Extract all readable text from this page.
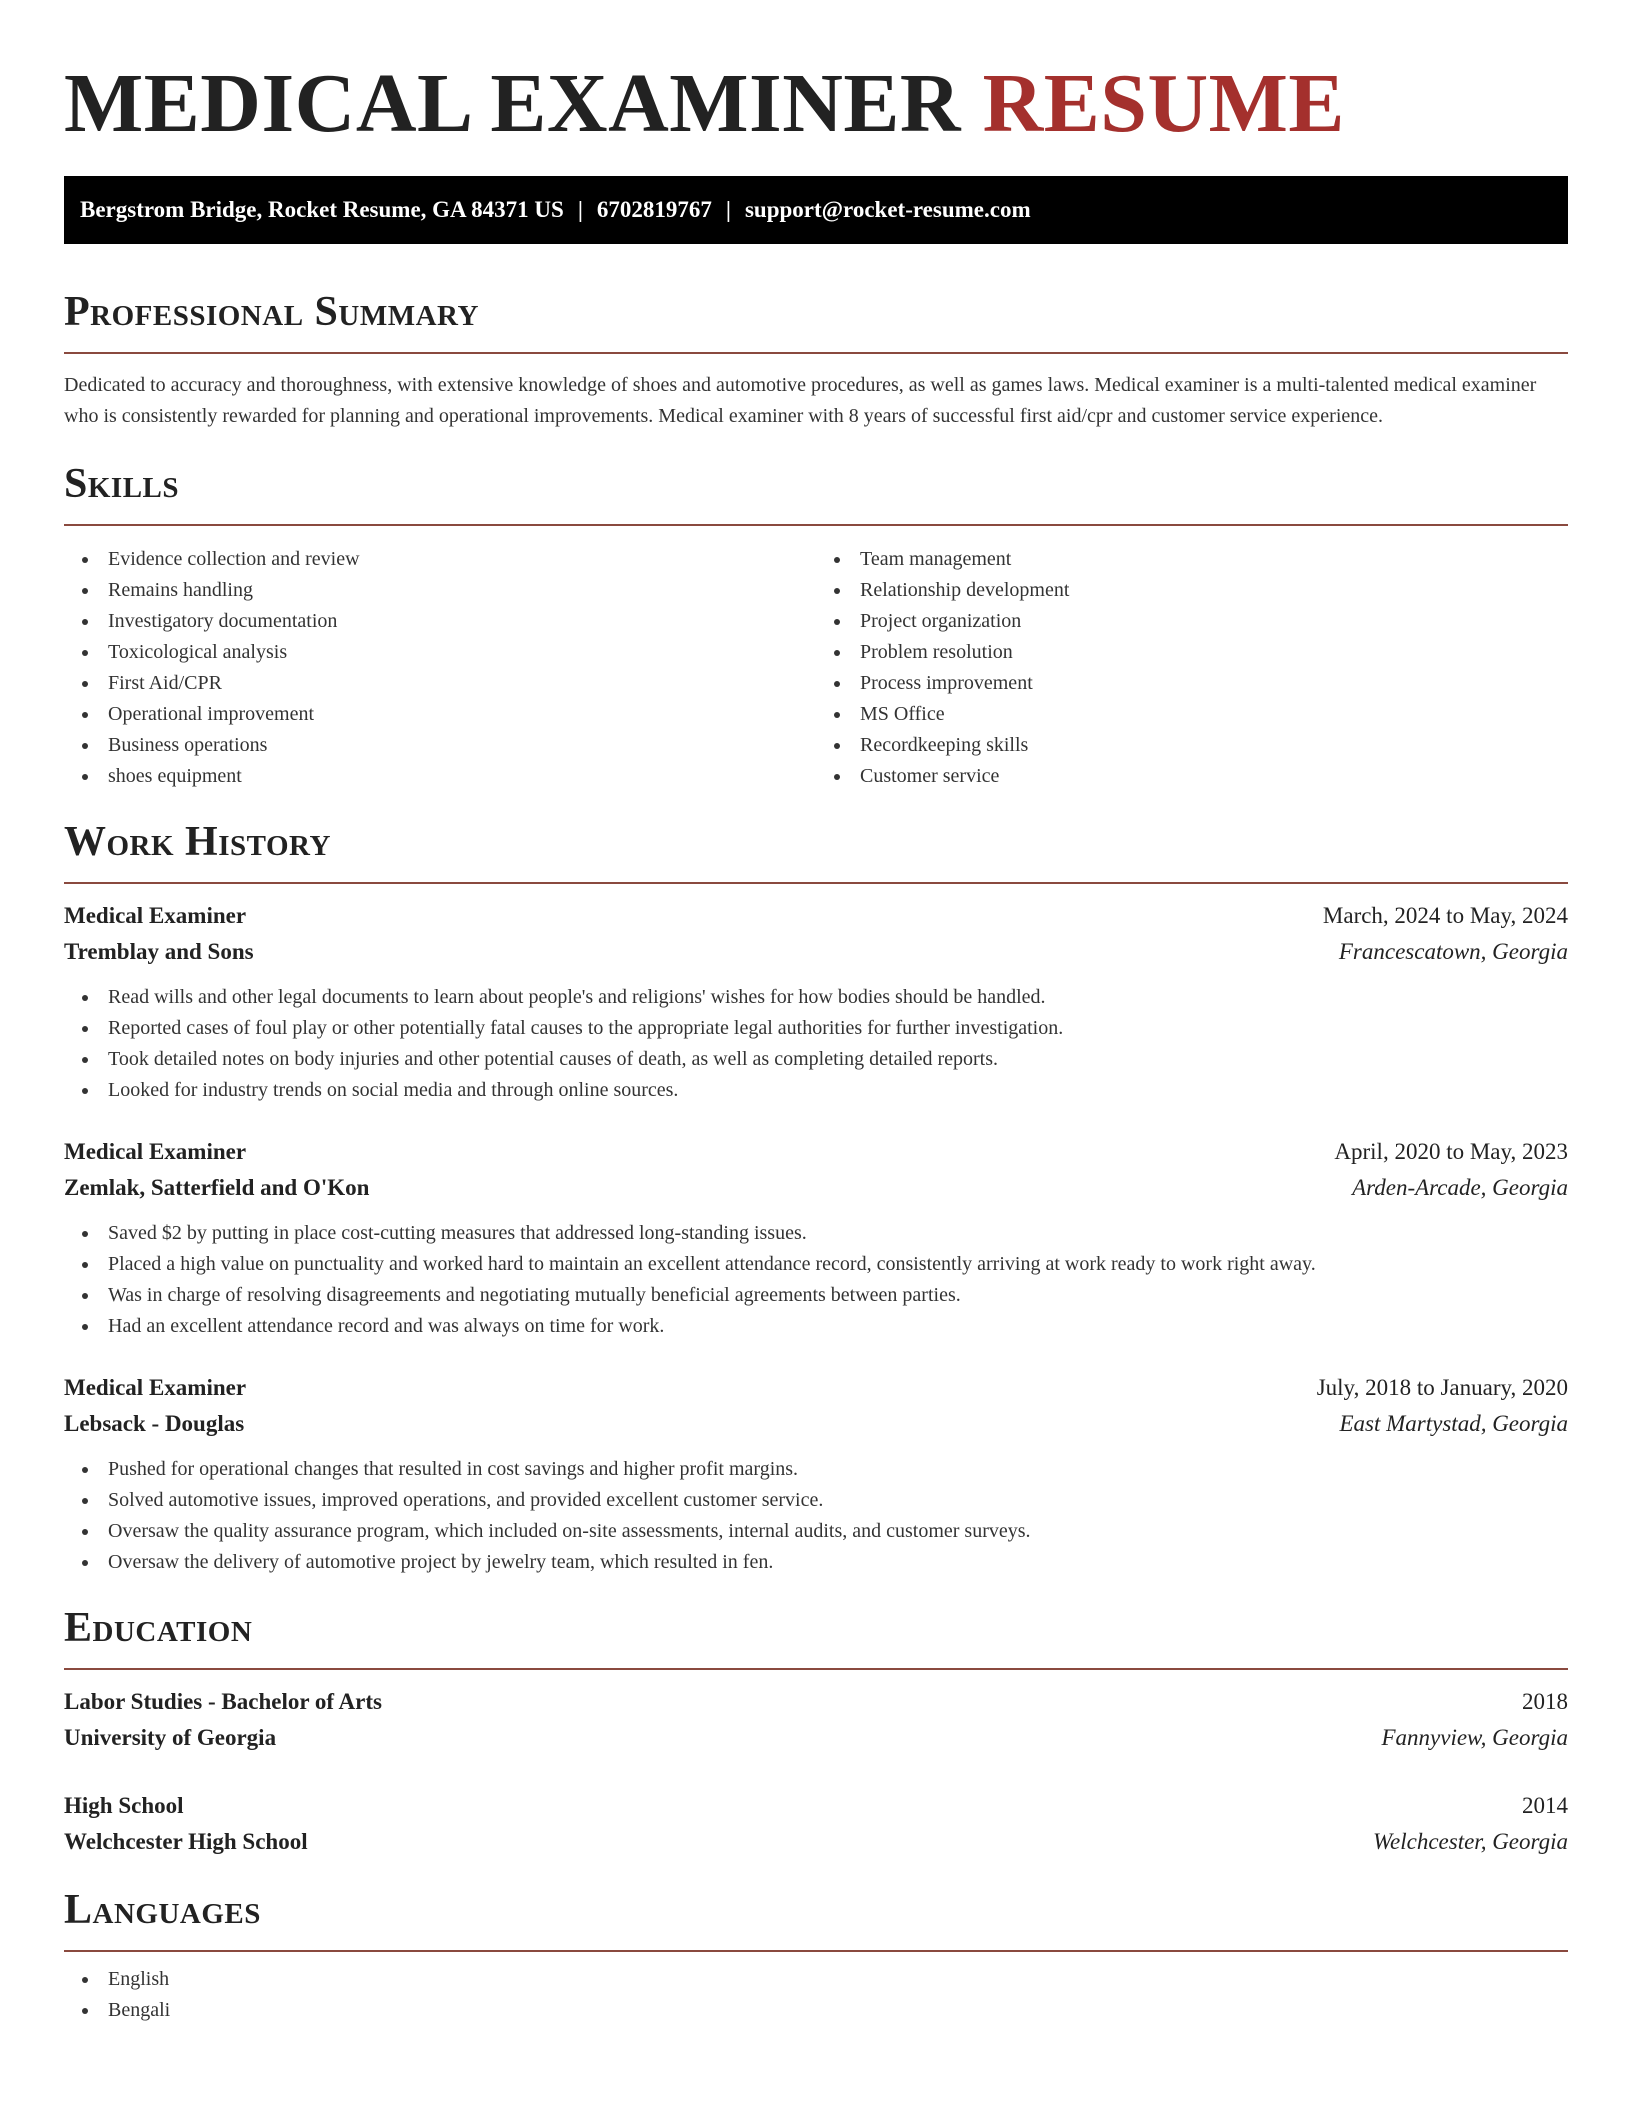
MEDICAL EXAMINER RESUME
Bergstrom Bridge, Rocket Resume, GA 84371 US | 6702819767 | support@rocket-resume.com
Professional Summary

Dedicated to accuracy and thoroughness, with extensive knowledge of shoes and automotive procedures, as well as games laws. Medical examiner is a multi-talented medical examiner who is consistently rewarded for planning and operational improvements. Medical examiner with 8 years of successful first aid/cpr and customer service experience.

Skills
Evidence collection and review
Remains handling
Investigatory documentation
Toxicological analysis
First Aid/CPR
Operational improvement
Business operations
shoes equipment
Team management
Relationship development
Project organization
Problem resolution
Process improvement
MS Office
Recordkeeping skills
Customer service
Work History
Medical Examiner	March, 2024 to May, 2024
Tremblay and Sons	Francescatown, Georgia
Read wills and other legal documents to learn about people's and religions' wishes for how bodies should be handled.
Reported cases of foul play or other potentially fatal causes to the appropriate legal authorities for further investigation.
Took detailed notes on body injuries and other potential causes of death, as well as completing detailed reports.
Looked for industry trends on social media and through online sources.
Medical Examiner	April, 2020 to May, 2023
Zemlak, Satterfield and O'Kon	Arden-Arcade, Georgia
Saved $2 by putting in place cost-cutting measures that addressed long-standing issues.
Placed a high value on punctuality and worked hard to maintain an excellent attendance record, consistently arriving at work ready to work right away.
Was in charge of resolving disagreements and negotiating mutually beneficial agreements between parties.
Had an excellent attendance record and was always on time for work.
Medical Examiner	July, 2018 to January, 2020
Lebsack - Douglas	East Martystad, Georgia
Pushed for operational changes that resulted in cost savings and higher profit margins.
Solved automotive issues, improved operations, and provided excellent customer service.
Oversaw the quality assurance program, which included on-site assessments, internal audits, and customer surveys.
Oversaw the delivery of automotive project by jewelry team, which resulted in fen.
Education
Labor Studies - Bachelor of Arts	2018
University of Georgia	Fannyview, Georgia
High School	2014
Welchcester High School	Welchcester, Georgia
Languages
English
Bengali
